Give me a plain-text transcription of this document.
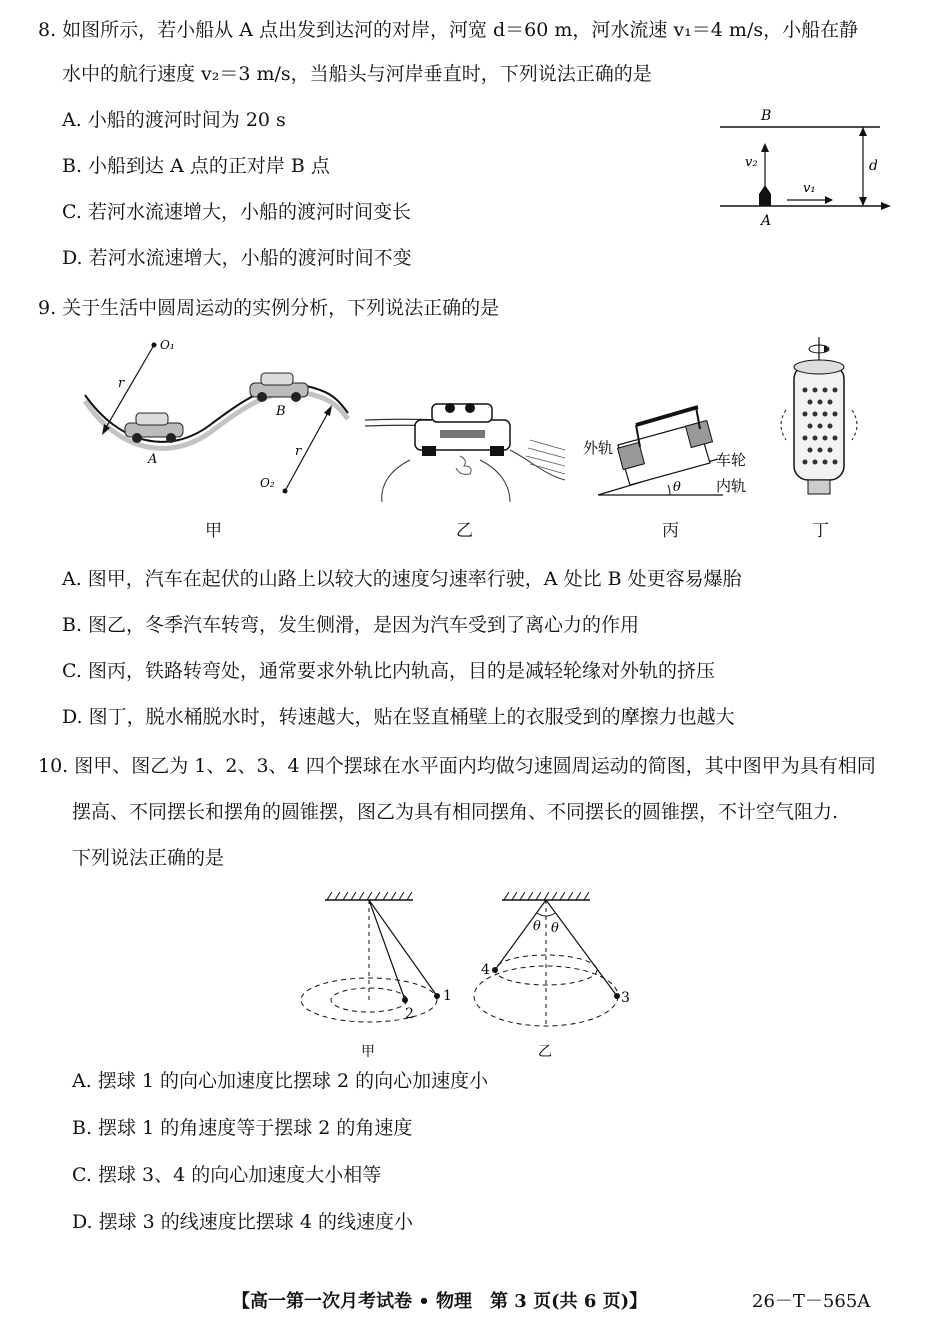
8. 如图所示，若小船从 A 点出发到达河的对岸，河宽 d＝60 m，河水流速 v₁＝4 m/s，小船在静
水中的航行速度 v₂＝3 m/s，当船头与河岸垂直时，下列说法正确的是
A. 小船的渡河时间为 20 s
B. 小船到达 A 点的正对岸 B 点
C. 若河水流速增大，小船的渡河时间变长
D. 若河水流速增大，小船的渡河时间不变
B
A
v₂
v₁
d
9. 关于生活中圆周运动的实例分析，下列说法正确的是
O₁
O₂
r
r
A
B
外轨
车轮
内轨
θ
甲	乙	丙	丁
A. 图甲，汽车在起伏的山路上以较大的速度匀速率行驶，A 处比 B 处更容易爆胎
B. 图乙，冬季汽车转弯，发生侧滑，是因为汽车受到了离心力的作用
C. 图丙，铁路转弯处，通常要求外轨比内轨高，目的是减轻轮缘对外轨的挤压
D. 图丁，脱水桶脱水时，转速越大，贴在竖直桶壁上的衣服受到的摩擦力也越大
10. 图甲、图乙为 1、2、3、4 四个摆球在水平面内均做匀速圆周运动的简图，其中图甲为具有相同
摆高、不同摆长和摆角的圆锥摆，图乙为具有相同摆角、不同摆长的圆锥摆，不计空气阻力.
下列说法正确的是
1
2
甲
4
3
θ θ
乙
A. 摆球 1 的向心加速度比摆球 2 的向心加速度小
B. 摆球 1 的角速度等于摆球 2 的角速度
C. 摆球 3、4 的向心加速度大小相等
D. 摆球 3 的线速度比摆球 4 的线速度小
【高一第一次月考试卷 • 物理　第 3 页(共 6 页)】	26－T－565A
